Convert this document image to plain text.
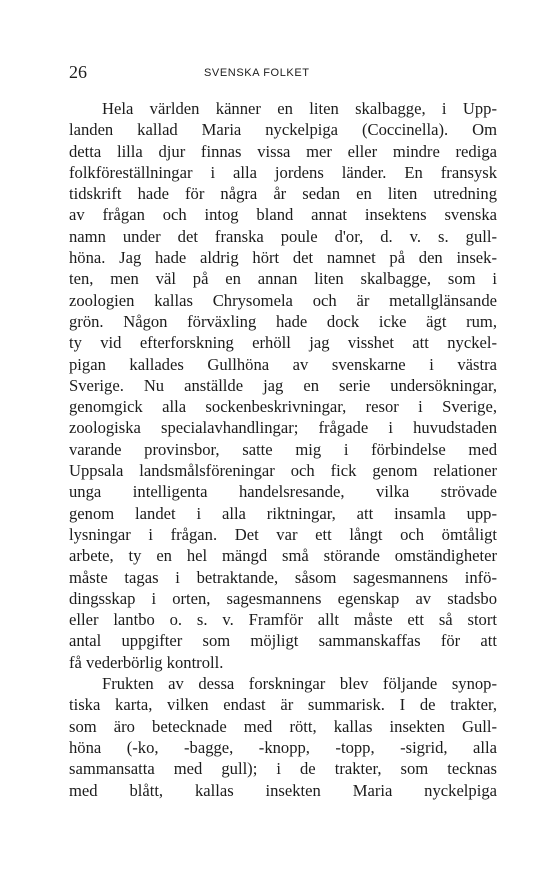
26	SVENSKA FOLKET
Hela världen känner en liten skalbagge, i Upp-
landen kallad Maria nyckelpiga (Coccinella). Om
detta lilla djur finnas vissa mer eller mindre rediga
folkföreställningar i alla jordens länder. En fransysk
tidskrift hade för några år sedan en liten utredning
av frågan och intog bland annat insektens svenska
namn under det franska poule d'or, d. v. s. gull-
höna. Jag hade aldrig hört det namnet på den insek-
ten, men väl på en annan liten skalbagge, som i
zoologien kallas Chrysomela och är metallglänsande
grön. Någon förväxling hade dock icke ägt rum,
ty vid efterforskning erhöll jag visshet att nyckel-
pigan kallades Gullhöna av svenskarne i västra
Sverige. Nu anställde jag en serie undersökningar,
genomgick alla sockenbeskrivningar, resor i Sverige,
zoologiska specialavhandlingar; frågade i huvudstaden
varande provinsbor, satte mig i förbindelse med
Uppsala landsmålsföreningar och fick genom relationer
unga intelligenta handelsresande, vilka strövade
genom landet i alla riktningar, att insamla upp-
lysningar i frågan. Det var ett långt och ömtåligt
arbete, ty en hel mängd små störande omständigheter
måste tagas i betraktande, såsom sagesmannens infö-
dingsskap i orten, sagesmannens egenskap av stadsbo
eller lantbo o. s. v. Framför allt måste ett så stort
antal uppgifter som möjligt sammanskaffas för att
få vederbörlig kontroll.
Frukten av dessa forskningar blev följande synop-
tiska karta, vilken endast är summarisk. I de trakter,
som äro betecknade med rött, kallas insekten Gull-
höna (-ko, -bagge, -knopp, -topp, -sigrid, alla
sammansatta med gull); i de trakter, som tecknas
med blått, kallas insekten Maria nyckelpiga
